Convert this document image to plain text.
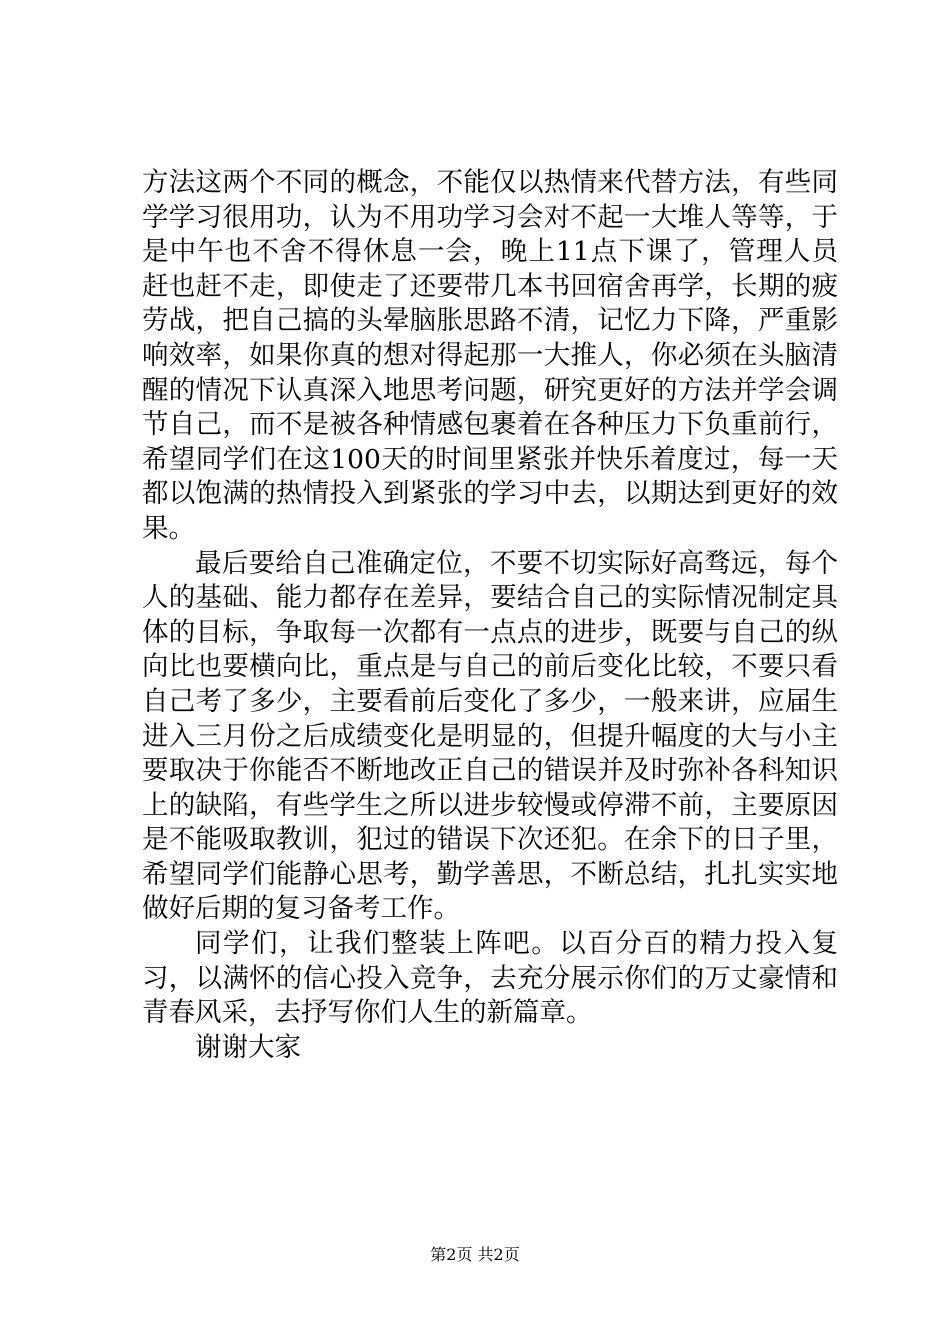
方法这两个不同的概念，不能仅以热情来代替方法，有些同学学习很用功，认为不用功学习会对不起一大堆人等等，于是中午也不舍不得休息一会，晚上11点下课了，管理人员赶也赶不走，即使走了还要带几本书回宿舍再学，长期的疲劳战，把自己搞的头晕脑胀思路不清，记忆力下降，严重影响效率，如果你真的想对得起那一大推人，你必须在头脑清醒的情况下认真深入地思考问题，研究更好的方法并学会调节自己，而不是被各种情感包裹着在各种压力下负重前行，希望同学们在这100天的时间里紧张并快乐着度过，每一天都以饱满的热情投入到紧张的学习中去，以期达到更好的效果。

最后要给自己准确定位，不要不切实际好高骛远，每个人的基础、能力都存在差异，要结合自己的实际情况制定具体的目标，争取每一次都有一点点的进步，既要与自己的纵向比也要横向比，重点是与自己的前后变化比较，不要只看自己考了多少，主要看前后变化了多少，一般来讲，应届生进入三月份之后成绩变化是明显的，但提升幅度的大与小主要取决于你能否不断地改正自己的错误并及时弥补各科知识上的缺陷，有些学生之所以进步较慢或停滞不前，主要原因是不能吸取教训，犯过的错误下次还犯。在余下的日子里，希望同学们能静心思考，勤学善思，不断总结，扎扎实实地做好后期的复习备考工作。

同学们，让我们整装上阵吧。以百分百的精力投入复习，以满怀的信心投入竞争，去充分展示你们的万丈豪情和青春风采，去抒写你们人生的新篇章。

谢谢大家

第2页 共2页
